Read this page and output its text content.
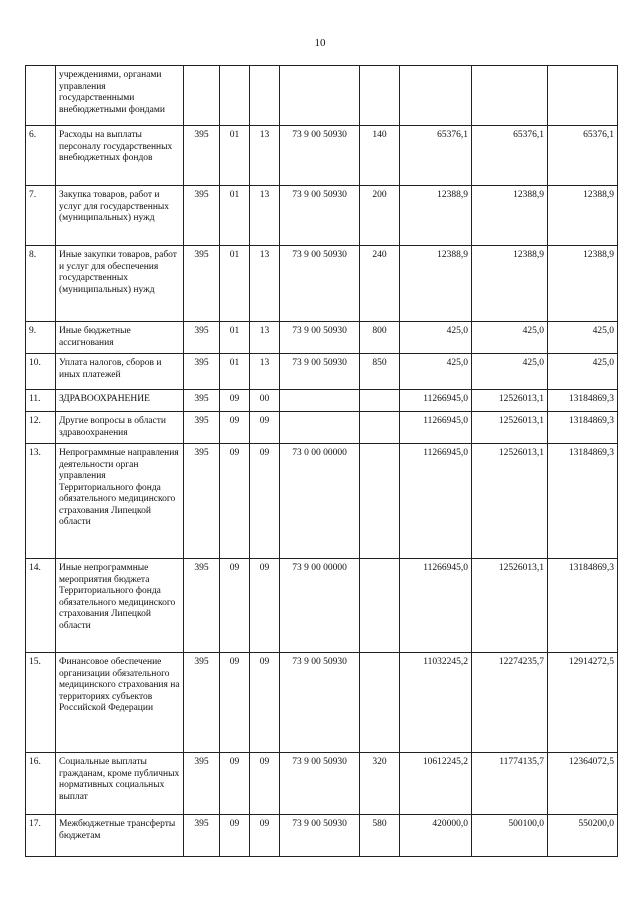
10
	учреждениями, органами управления государственными внебюджетными фондами								
6.	Расходы на выплаты персоналу государственных внебюджетных фондов	395	01	13	73 9 00 50930	140	65376,1	65376,1	65376,1
7.	Закупка товаров, работ и услуг для государственных (муниципальных) нужд	395	01	13	73 9 00 50930	200	12388,9	12388,9	12388,9
8.	Иные закупки товаров, работ и услуг для обеспечения государственных (муниципальных) нужд	395	01	13	73 9 00 50930	240	12388,9	12388,9	12388,9
9.	Иные бюджетные ассигнования	395	01	13	73 9 00 50930	800	425,0	425,0	425,0
10.	Уплата налогов, сборов и иных платежей	395	01	13	73 9 00 50930	850	425,0	425,0	425,0
11.	ЗДРАВООХРАНЕНИЕ	395	09	00			11266945,0	12526013,1	13184869,3
12.	Другие вопросы в области здравоохранения	395	09	09			11266945,0	12526013,1	13184869,3
13.	Непрограммные направления деятельности орган управления Территориального фонда обязательного медицинского страхования Липецкой области	395	09	09	73 0 00 00000		11266945,0	12526013,1	13184869,3
14.	Иные непрограммные мероприятия бюджета Территориального фонда обязательного медицинского страхования Липецкой области	395	09	09	73 9 00 00000		11266945,0	12526013,1	13184869,3
15.	Финансовое обеспечение организации обязательного медицинского страхования на территориях субъектов Российской Федерации	395	09	09	73 9 00 50930		11032245,2	12274235,7	12914272,5
16.	Социальные выплаты гражданам, кроме публичных нормативных социальных выплат	395	09	09	73 9 00 50930	320	10612245,2	11774135,7	12364072,5
17.	Межбюджетные трансферты бюджетам	395	09	09	73 9 00 50930	580	420000,0	500100,0	550200,0
